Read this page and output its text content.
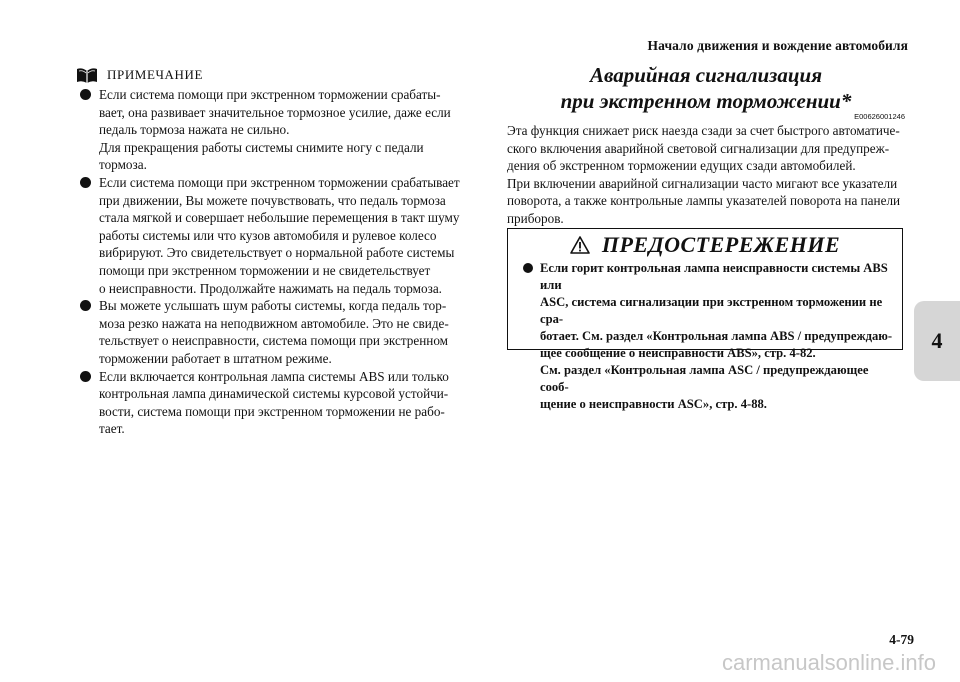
Начало движения и вождение автомобиля
4
ПРИМЕЧАНИЕ
Если система помощи при экстренном торможении срабаты-
вает, она развивает значительное тормозное усилие, даже если
педаль тормоза нажата не сильно.
Для прекращения работы системы снимите ногу с педали
тормоза.
Если система помощи при экстренном торможении срабатывает
при движении, Вы можете почувствовать, что педаль тормоза
стала мягкой и совершает небольшие перемещения в такт шуму
работы системы или что кузов автомобиля и рулевое колесо
вибрируют. Это свидетельствует о нормальной работе системы
помощи при экстренном торможении и не свидетельствует
о неисправности. Продолжайте нажимать на педаль тормоза.
Вы можете услышать шум работы системы, когда педаль тор-
моза резко нажата на неподвижном автомобиле. Это не свиде-
тельствует о неисправности, система помощи при экстренном
торможении работает в штатном режиме.
Если включается контрольная лампа системы ABS или только
контрольная лампа динамической системы курсовой устойчи-
вости, система помощи при экстренном торможении не рабо-
тает.
Аварийная сигнализация
при экстренном торможении*
E00626001246

Эта функция снижает риск наезда сзади за счет быстрого автоматиче-
ского включения аварийной световой сигнализации для предупреж-
дения об экстренном торможении едущих сзади автомобилей.
При включении аварийной сигнализации часто мигают все указатели
поворота, а также контрольные лампы указателей поворота на панели
приборов.

ПРЕДОСТЕРЕЖЕНИЕ
Если горит контрольная лампа неисправности системы ABS или
ASC, система сигнализации при экстренном торможении не сра-
ботает. См. раздел «Контрольная лампа ABS / предупреждаю-
щее сообщение о неисправности ABS», стр. 4-82.
См. раздел «Контрольная лампа ASC / предупреждающее сооб-
щение о неисправности ASC», стр. 4-88.
4-79
carmanualsonline.info
